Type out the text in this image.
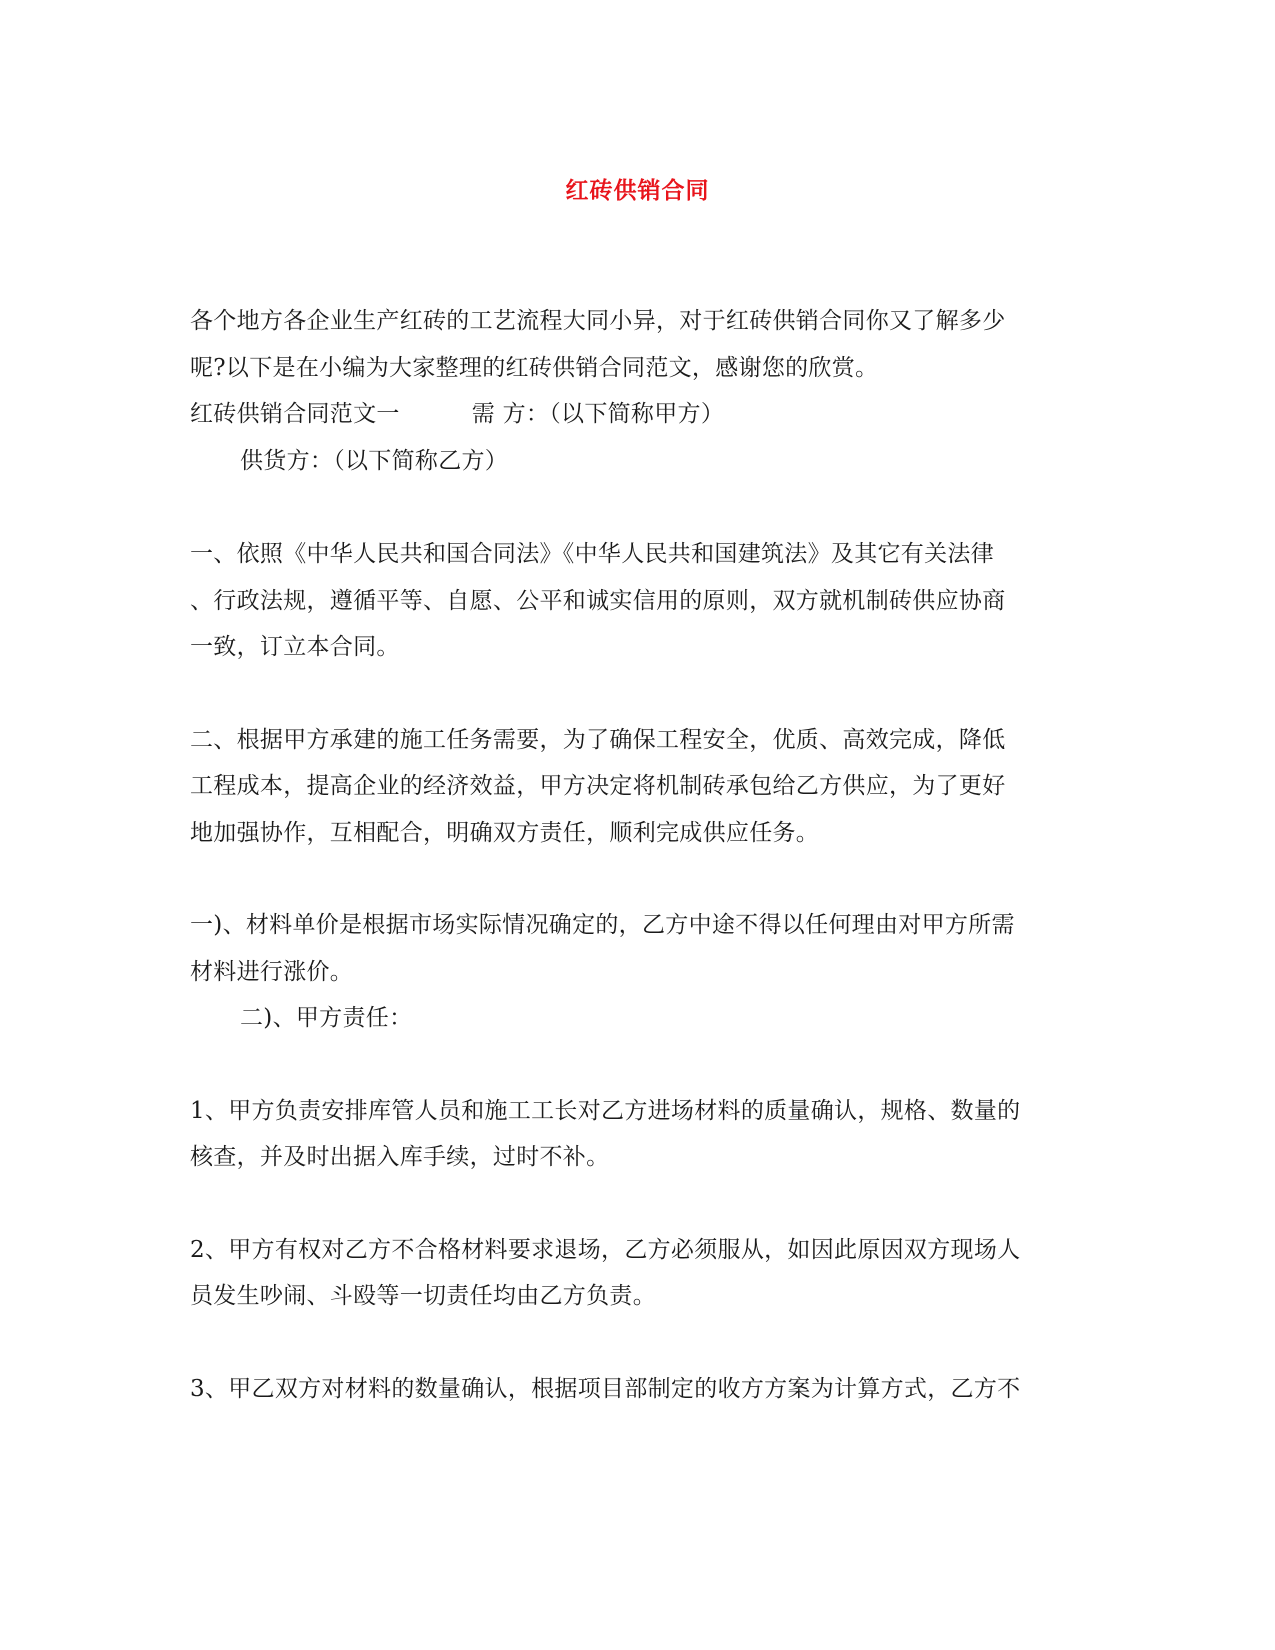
红砖供销合同
各个地方各企业生产红砖的工艺流程大同小异，对于红砖供销合同你又了解多少
呢?以下是在小编为大家整理的红砖供销合同范文，感谢您的欣赏。
红砖供销合同范文一	需 方：（以下简称甲方）
供货方：（以下简称乙方）
一、依照《中华人民共和国合同法》《中华人民共和国建筑法》及其它有关法律
、行政法规，遵循平等、自愿、公平和诚实信用的原则，双方就机制砖供应协商
一致，订立本合同。
二、根据甲方承建的施工任务需要，为了确保工程安全，优质、高效完成，降低
工程成本，提高企业的经济效益，甲方决定将机制砖承包给乙方供应，为了更好
地加强协作，互相配合，明确双方责任，顺利完成供应任务。
一)、材料单价是根据市场实际情况确定的，乙方中途不得以任何理由对甲方所需
材料进行涨价。
二)、甲方责任：
1、甲方负责安排库管人员和施工工长对乙方进场材料的质量确认，规格、数量的
核查，并及时出据入库手续，过时不补。
2、甲方有权对乙方不合格材料要求退场，乙方必须服从，如因此原因双方现场人
员发生吵闹、斗殴等一切责任均由乙方负责。
3、甲乙双方对材料的数量确认，根据项目部制定的收方方案为计算方式，乙方不
